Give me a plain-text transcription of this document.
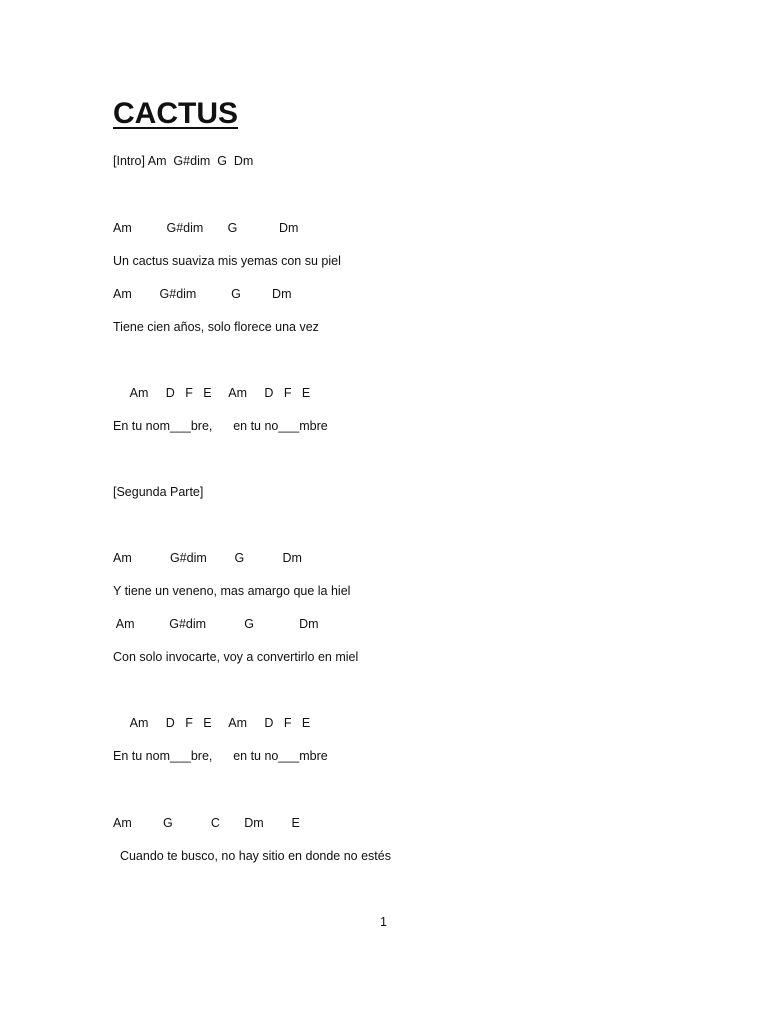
CACTUS
[Intro] Am  G#dim  G  Dm
Am          G#dim       G            Dm
Un cactus suaviza mis yemas con su piel
Am        G#dim          G         Dm
Tiene cien años, solo florece una vez
Am     D   F   E     Am     D   F   E
En tu nom___bre,      en tu no___mbre
[Segunda Parte]
Am           G#dim        G           Dm
Y tiene un veneno, mas amargo que la hiel
Am          G#dim           G             Dm
Con solo invocarte, voy a convertirlo en miel
Am     D   F   E     Am     D   F   E
En tu nom___bre,      en tu no___mbre
Am         G           C       Dm        E
Cuando te busco, no hay sitio en donde no estés
1
